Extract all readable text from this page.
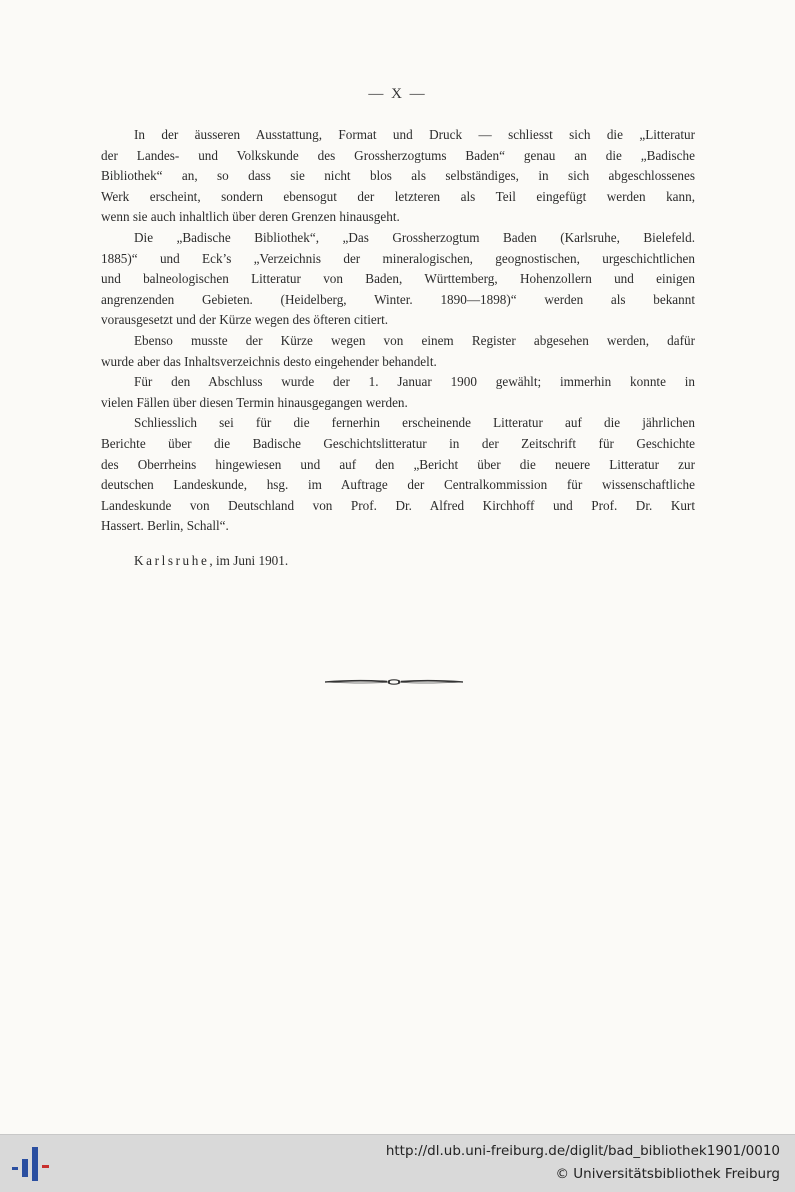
— X —

In der äusseren Ausstattung, Format und Druck — schliesst sich die „Litteratur
der Landes- und Volkskunde des Grossherzogtums Baden“ genau an die „Badische
Bibliothek“ an, so dass sie nicht blos als selbständiges, in sich abgeschlossenes
Werk erscheint, sondern ebensogut der letzteren als Teil eingefügt werden kann,
wenn sie auch inhaltlich über deren Grenzen hinausgeht.

Die „Badische Bibliothek“, „Das Grossherzogtum Baden (Karlsruhe, Bielefeld.
1885)“ und Eck’s „Verzeichnis der mineralogischen, geognostischen, urgeschichtlichen
und balneologischen Litteratur von Baden, Württemberg, Hohenzollern und einigen
angrenzenden Gebieten. (Heidelberg, Winter. 1890—1898)“ werden als bekannt
vorausgesetzt und der Kürze wegen des öfteren citiert.

Ebenso musste der Kürze wegen von einem Register abgesehen werden, dafür
wurde aber das Inhaltsverzeichnis desto eingehender behandelt.

Für den Abschluss wurde der 1. Januar 1900 gewählt; immerhin konnte in
vielen Fällen über diesen Termin hinausgegangen werden.

Schliesslich sei für die fernerhin erscheinende Litteratur auf die jährlichen
Berichte über die Badische Geschichtslitteratur in der Zeitschrift für Geschichte
des Oberrheins hingewiesen und auf den „Bericht über die neuere Litteratur zur
deutschen Landeskunde, hsg. im Auftrage der Centralkommission für wissenschaftliche
Landeskunde von Deutschland von Prof. Dr. Alfred Kirchhoff und Prof. Dr. Kurt
Hassert. Berlin, Schall“.

Karlsruhe, im Juni 1901.
http://dl.ub.uni-freiburg.de/diglit/bad_bibliothek1901/0010
© Universitätsbibliothek Freiburg
